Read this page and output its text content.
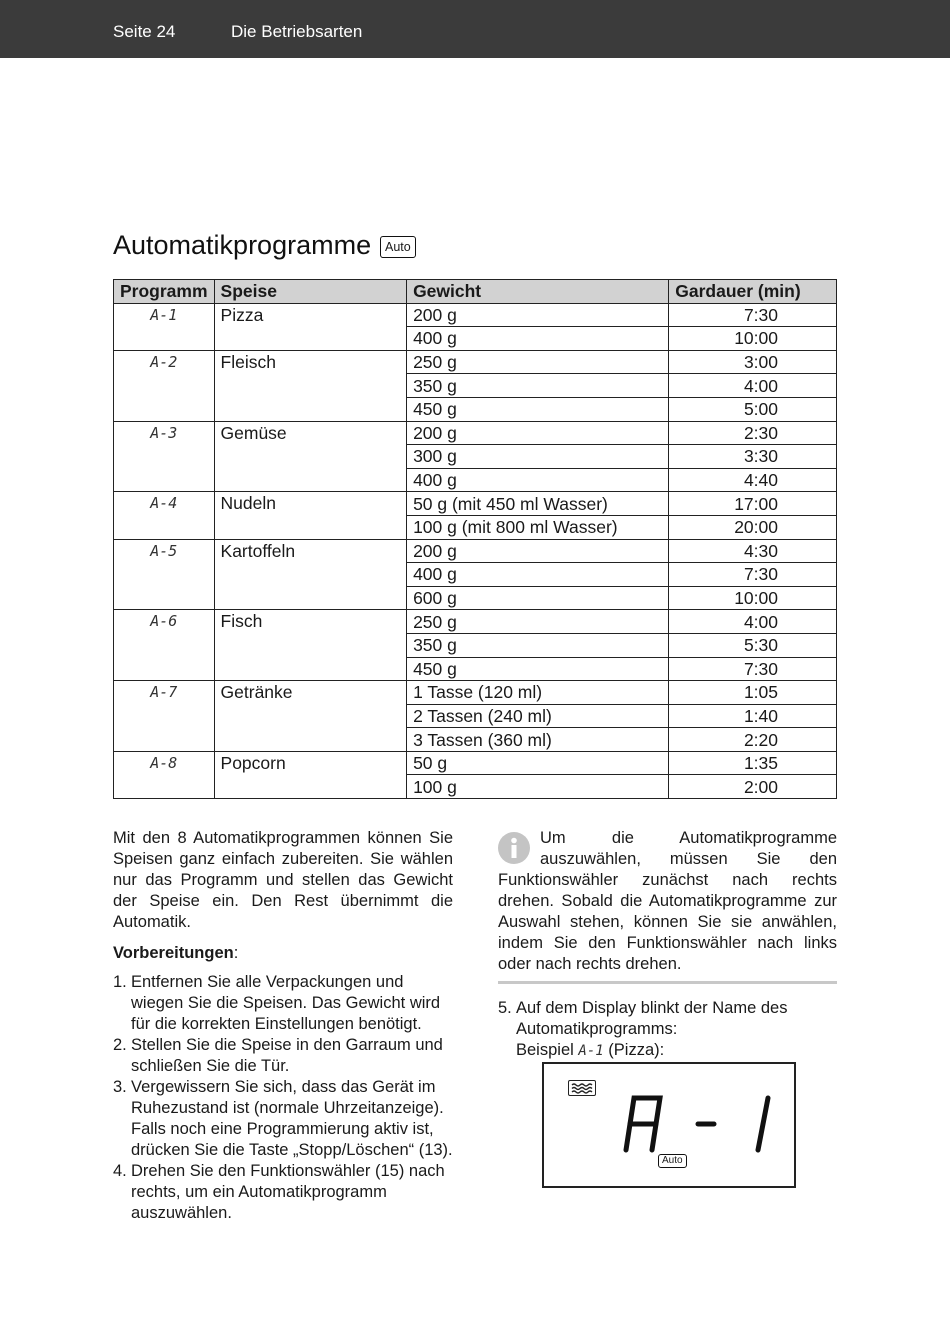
Seite 24	Die Betriebsarten
Automatikprogramme	Auto
Programm	Speise	Gewicht	Gardauer (min)
A-1	Pizza	200 g	7:30
		400 g	10:00
A-2	Fleisch	250 g	3:00
		350 g	4:00
		450 g	5:00
A-3	Gemüse	200 g	2:30
		300 g	3:30
		400 g	4:40
A-4	Nudeln	50 g (mit 450 ml Wasser)	17:00
		100 g (mit 800 ml Wasser)	20:00
A-5	Kartoffeln	200 g	4:30
		400 g	7:30
		600 g	10:00
A-6	Fisch	250 g	4:00
		350 g	5:30
		450 g	7:30
A-7	Getränke	1 Tasse (120 ml)	1:05
		2 Tassen (240 ml)	1:40
		3 Tassen (360 ml)	2:20
A-8	Popcorn	50 g	1:35
		100 g	2:00

Mit den 8 Automatikprogrammen können Sie Speisen ganz einfach zubereiten. Sie wählen nur das Programm und stellen das Gewicht der Speise ein. Den Rest übernimmt die Automatik.

Vorbereitungen:

1. Entfernen Sie alle Verpackungen und wiegen Sie die Speisen. Das Gewicht wird für die korrekten Einstellungen benötigt.
2. Stellen Sie die Speise in den Garraum und schließen Sie die Tür.
3. Vergewissern Sie sich, dass das Gerät im Ruhezustand ist (normale Uhrzeitanzeige). Falls noch eine Programmierung aktiv ist, drücken Sie die Taste „Stopp/Löschen“ (13).
4. Drehen Sie den Funktionswähler (15) nach rechts, um ein Automatikprogramm auszuwählen.
Um die Automatikprogramme auszuwählen, müssen Sie den Funktionswähler zunächst nach rechts drehen. Sobald die Automatikprogramme zur Auswahl stehen, können Sie sie anwählen, indem Sie den Funktionswähler nach links oder nach rechts drehen.
5. Auf dem Display blinkt der Name des Automatikprogramms:
Beispiel A-1 (Pizza):
Auto
